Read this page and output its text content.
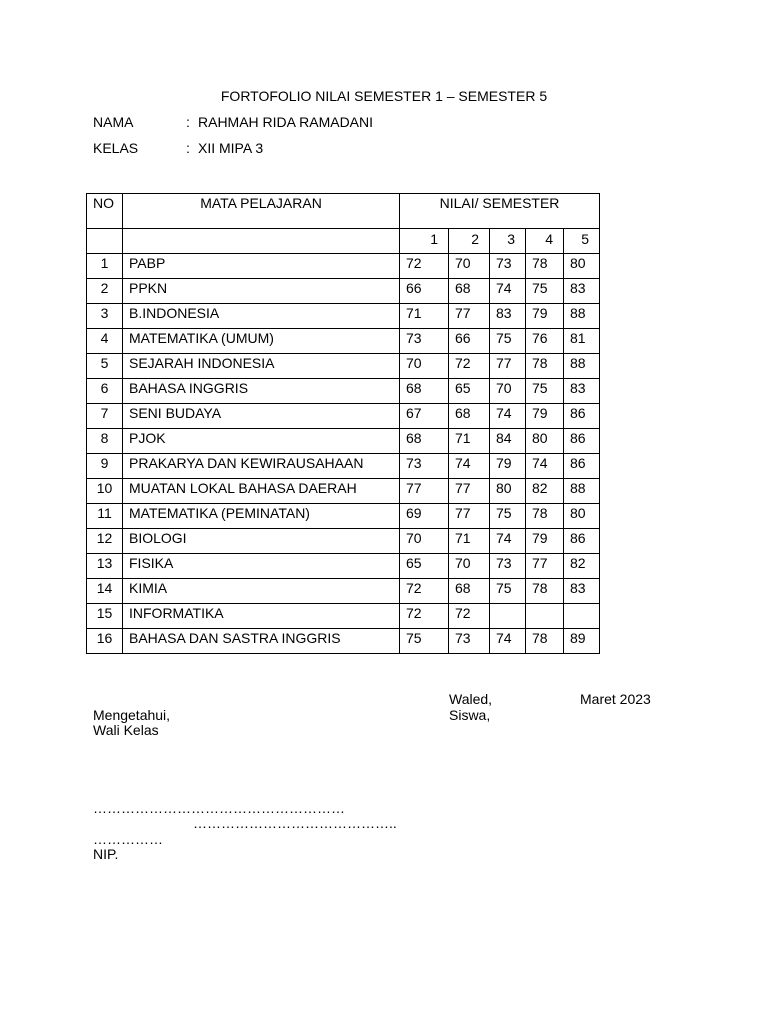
FORTOFOLIO NILAI SEMESTER 1 – SEMESTER 5
NAMA	: RAHMAH RIDA RAMADANI
KELAS	: XII MIPA 3
NO	MATA PELAJARAN	NILAI/ SEMESTER				
		1	2	3	4	5
1	PABP	72	70	73	78	80
2	PPKN	66	68	74	75	83
3	B.INDONESIA	71	77	83	79	88
4	MATEMATIKA (UMUM)	73	66	75	76	81
5	SEJARAH INDONESIA	70	72	77	78	88
6	BAHASA INGGRIS	68	65	70	75	83
7	SENI BUDAYA	67	68	74	79	86
8	PJOK	68	71	84	80	86
9	PRAKARYA DAN KEWIRAUSAHAAN	73	74	79	74	86
10	MUATAN LOKAL BAHASA DAERAH	77	77	80	82	88
11	MATEMATIKA (PEMINATAN)	69	77	75	78	80
12	BIOLOGI	70	71	74	79	86
13	FISIKA	65	70	73	77	82
14	KIMIA	72	68	75	78	83
15	INFORMATIKA	72	72			
16	BAHASA DAN SASTRA INGGRIS	75	73	74	78	89
Waled,	Maret 2023
Mengetahui,	Siswa,
Wali Kelas
………………………………………………
……………………………………..
……………
NIP.
